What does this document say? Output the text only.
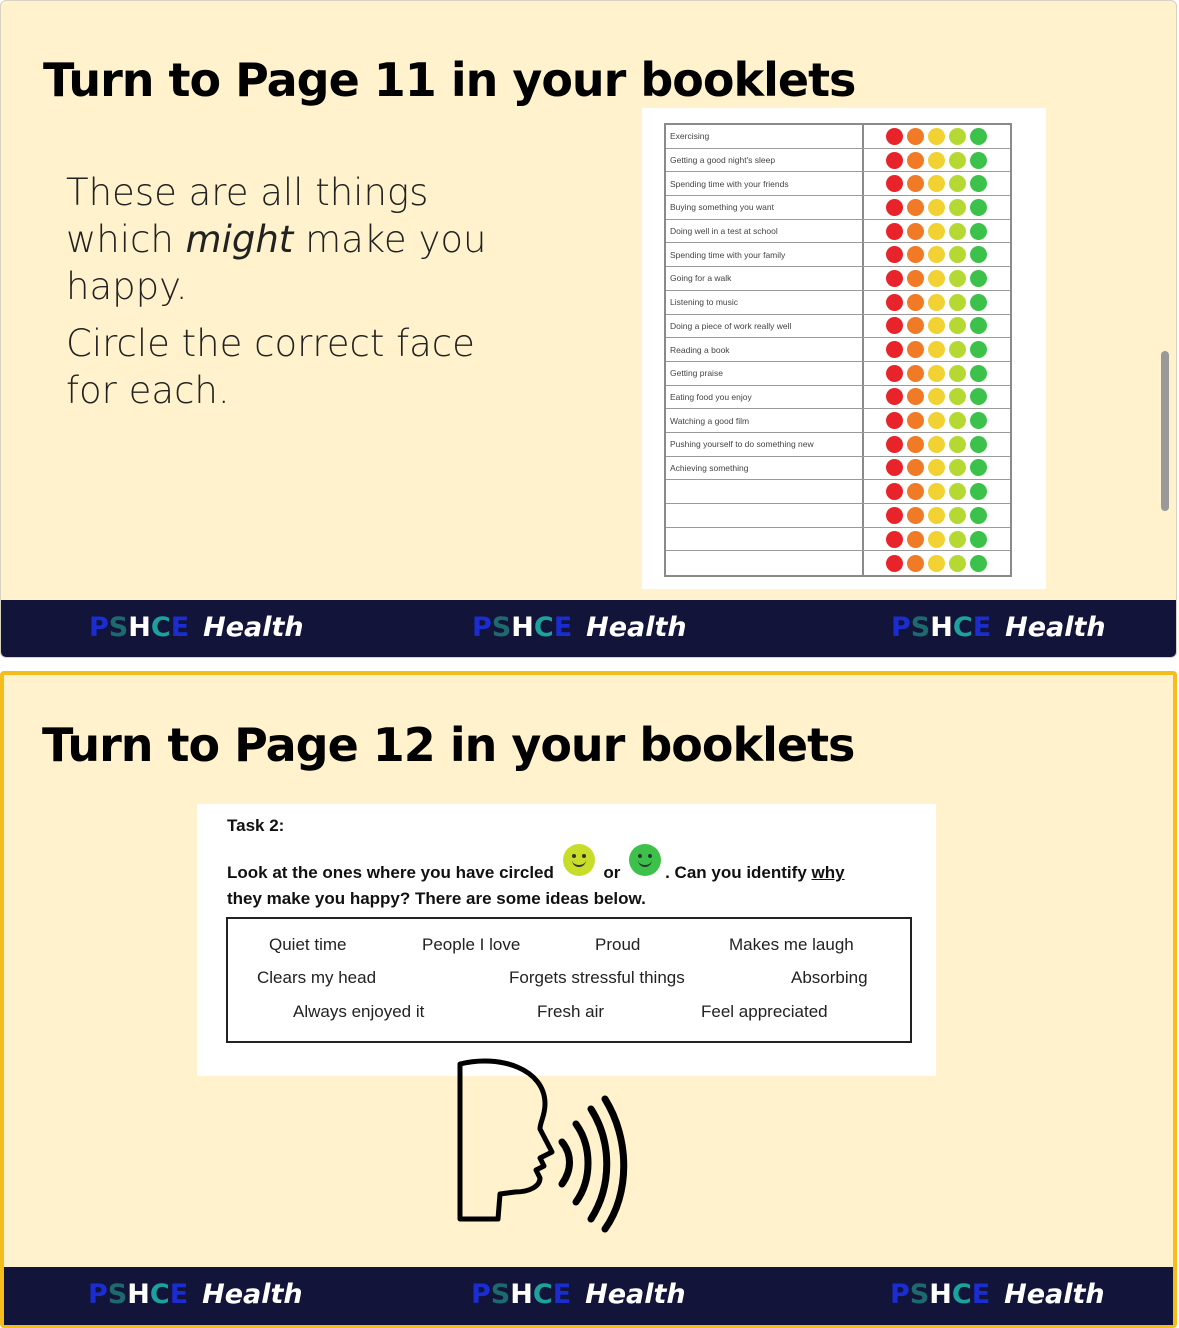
Turn to Page 11 in your booklets

These are all things which might make you happy.

Circle the correct face for each.

Exercising
Getting a good night's sleep
Spending time with your friends
Buying something you want
Doing well in a test at school
Spending time with your family
Going for a walk
Listening to music
Doing a piece of work really well
Reading a book
Getting praise
Eating food you enjoy
Watching a good film
Pushing yourself to do something new
Achieving something
PSHCE Health	PSHCE Health	PSHCE Health
Turn to Page 12 in your booklets
Task 2:
Look at the ones where you have circled	or	. Can you identify why
they make you happy? There are some ideas below.
Quiet time	People I love	Proud	Makes me laugh
Clears my head	Forgets stressful things	Absorbing
Always enjoyed it	Fresh air	Feel appreciated
PSHCE Health	PSHCE Health	PSHCE Health
